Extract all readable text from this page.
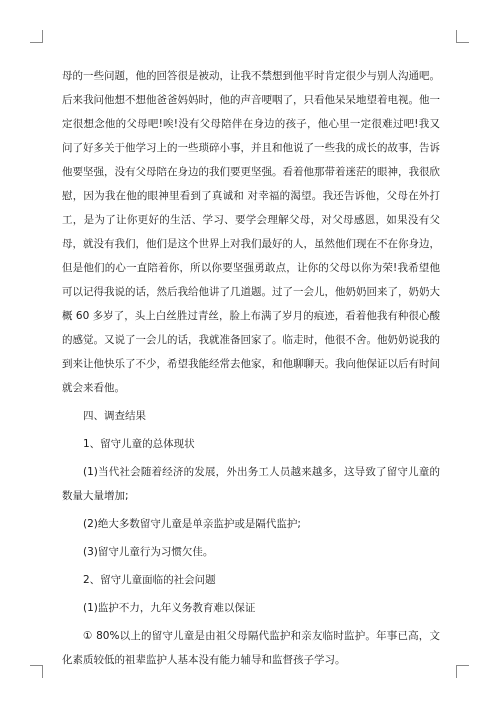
母的一些问题，他的回答很是被动，让我不禁想到他平时肯定很少与别人沟通吧。后来我问他想不想他爸爸妈妈时，他的声音哽咽了，只看他呆呆地望着电视。他一定很想念他的父母吧!唉!没有父母陪伴在身边的孩子，他心里一定很难过吧!我又问了好多关于他学习上的一些琐碎小事，并且和他说了一些我的成长的故事，告诉他要坚强，没有父母陪在身边的我们要更坚强。看着他那带着迷茫的眼神，我很欣慰，因为我在他的眼神里看到了真诚和 对幸福的渴望。我还告诉他，父母在外打工，是为了让你更好的生活、学习、要学会理解父母，对父母感恩，如果没有父母，就没有我们，他们是这个世界上对我们最好的人，虽然他们现在不在你身边，但是他们的心一直陪着你，所以你要坚强勇敢点，让你的父母以你为荣!我希望他可以记得我说的话，然后我给他讲了几道题。过了一会儿，他奶奶回来了，奶奶大概 60 多岁了，头上白丝胜过青丝，脸上布满了岁月的痕迹，看着他我有种很心酸的感觉。又说了一会儿的话，我就准备回家了。临走时，他很不舍。他奶奶说我的到来让他快乐了不少，希望我能经常去他家，和他聊聊天。我向他保证以后有时间就会来看他。

四、调查结果

1、留守儿童的总体现状

(1)当代社会随着经济的发展，外出务工人员越来越多，这导致了留守儿童的数量大量增加;

(2)绝大多数留守儿童是单亲监护或是隔代监护;

(3)留守儿童行为习惯欠佳。

2、留守儿童面临的社会问题

(1)监护不力，九年义务教育难以保证

① 80%以上的留守儿童是由祖父母隔代监护和亲友临时监护。年事已高，文化素质较低的祖辈监护人基本没有能力辅导和监督孩子学习。
